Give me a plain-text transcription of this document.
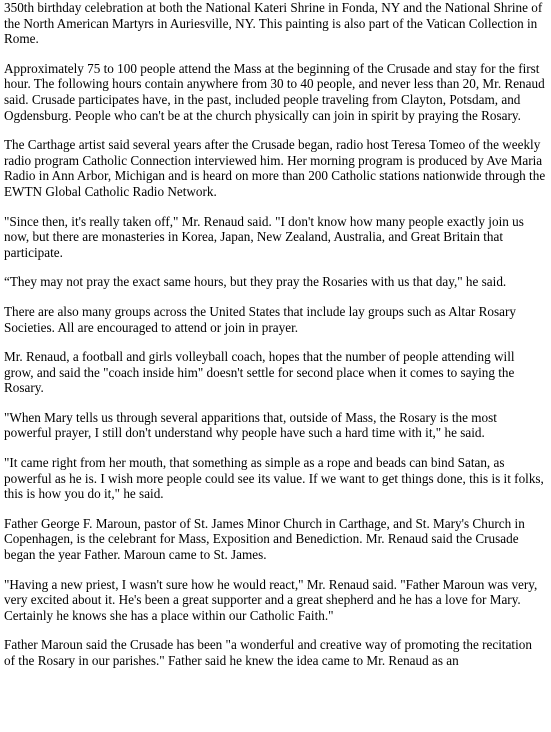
350th birthday celebration at both the National Kateri Shrine in Fonda, NY and the National Shrine of the North American Martyrs in Auriesville, NY. This painting is also part of the Vatican Collection in Rome.

Approximately 75 to 100 people attend the Mass at the beginning of the Crusade and stay for the first hour. The following hours contain anywhere from 30 to 40 people, and never less than 20, Mr. Renaud said. Crusade participates have, in the past, included people traveling from Clayton, Potsdam, and Ogdensburg. People who can't be at the church physically can join in spirit by praying the Rosary.

The Carthage artist said several years after the Crusade began, radio host Teresa Tomeo of the weekly radio program Catholic Connection interviewed him. Her morning program is produced by Ave Maria Radio in Ann Arbor, Michigan and is heard on more than 200 Catholic stations nationwide through the EWTN Global Catholic Radio Network.

"Since then, it's really taken off," Mr. Renaud said. "I don't know how many people exactly join us now, but there are monasteries in Korea, Japan, New Zealand, Australia, and Great Britain that participate.

“They may not pray the exact same hours, but they pray the Rosaries with us that day," he said.

There are also many groups across the United States that include lay groups such as Altar Rosary Societies. All are encouraged to attend or join in prayer.

Mr. Renaud, a football and girls volleyball coach, hopes that the number of people attending will grow, and said the "coach inside him" doesn't settle for second place when it comes to saying the Rosary.

"When Mary tells us through several apparitions that, outside of Mass, the Rosary is the most powerful prayer, I still don't understand why people have such a hard time with it," he said.

"It came right from her mouth, that something as simple as a rope and beads can bind Satan, as powerful as he is. I wish more people could see its value. If we want to get things done, this is it folks, this is how you do it," he said.

Father George F. Maroun, pastor of St. James Minor Church in Carthage, and St. Mary's Church in Copenhagen, is the celebrant for Mass, Exposition and Benediction. Mr. Renaud said the Crusade began the year Father. Maroun came to St. James.

"Having a new priest, I wasn't sure how he would react," Mr. Renaud said. "Father Maroun was very, very excited about it. He's been a great supporter and a great shepherd and he has a love for Mary. Certainly he knows she has a place within our Catholic Faith."

Father Maroun said the Crusade has been "a wonderful and creative way of promoting the recitation of the Rosary in our parishes." Father said he knew the idea came to Mr. Renaud as an
